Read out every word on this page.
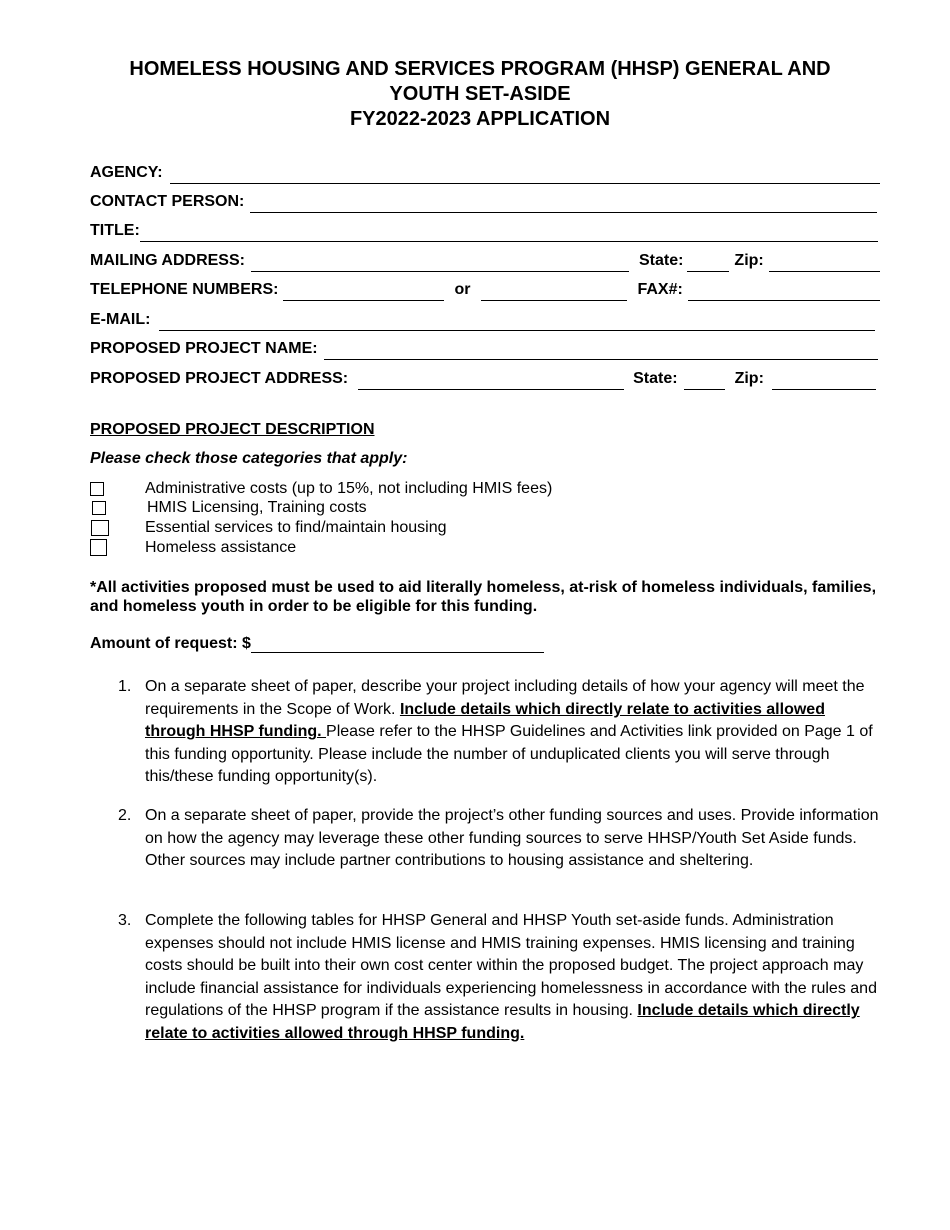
HOMELESS HOUSING AND SERVICES PROGRAM (HHSP) GENERAL AND
YOUTH SET-ASIDE
FY2022-2023 APPLICATION
AGENCY:
CONTACT PERSON:
TITLE:
MAILING ADDRESS:	State:	Zip:
TELEPHONE NUMBERS:	or	FAX#:
E-MAIL:
PROPOSED PROJECT NAME:
PROPOSED PROJECT ADDRESS:	State:	Zip:
PROPOSED PROJECT DESCRIPTION
Please check those categories that apply:
Administrative costs (up to 15%, not including HMIS fees)
HMIS Licensing, Training costs
Essential services to find/maintain housing
Homeless assistance
*All activities proposed must be used to aid literally homeless, at-risk of homeless individuals, families, and homeless youth in order to be eligible for this funding.
Amount of request: $
1. On a separate sheet of paper, describe your project including details of how your agency will meet the requirements in the Scope of Work. Include details which directly relate to activities allowed through HHSP funding. Please refer to the HHSP Guidelines and Activities link provided on Page 1 of this funding opportunity. Please include the number of unduplicated clients you will serve through this/these funding opportunity(s).
2. On a separate sheet of paper, provide the project’s other funding sources and uses. Provide information on how the agency may leverage these other funding sources to serve HHSP/Youth Set Aside funds. Other sources may include partner contributions to housing assistance and sheltering.
3. Complete the following tables for HHSP General and HHSP Youth set-aside funds. Administration expenses should not include HMIS license and HMIS training expenses. HMIS licensing and training costs should be built into their own cost center within the proposed budget. The project approach may include financial assistance for individuals experiencing homelessness in accordance with the rules and regulations of the HHSP program if the assistance results in housing. Include details which directly relate to activities allowed through HHSP funding.
